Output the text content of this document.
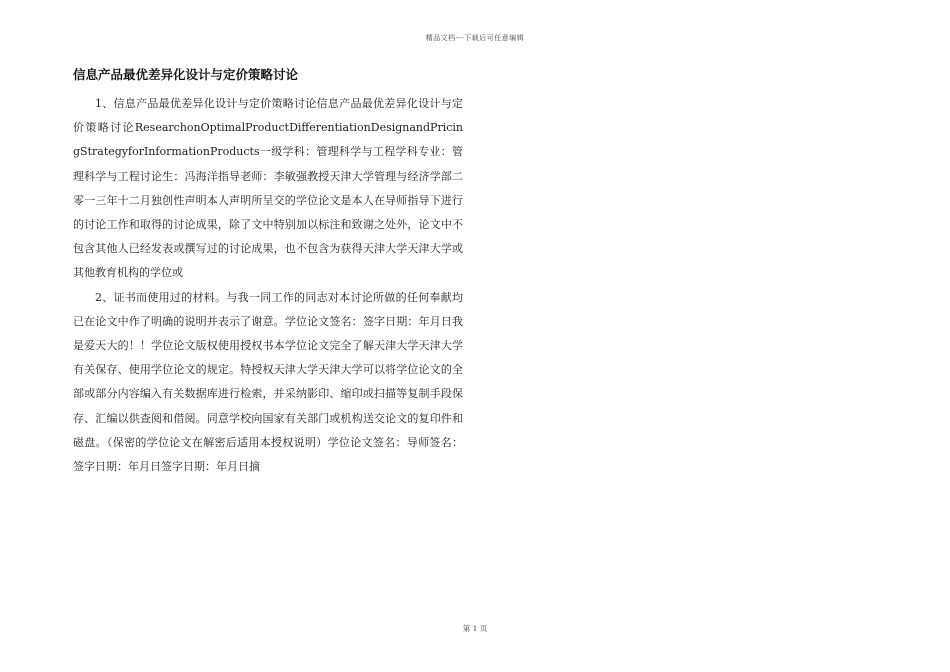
精品文档---下载后可任意编辑
信息产品最优差异化设计与定价策略讨论

1、信息产品最优差异化设计与定价策略讨论信息产品最优差异化设计与定价策略讨论ResearchonOptimalProductDifferentiationDesignandPricingStrategyforInformationProducts一级学科：管理科学与工程学科专业：管理科学与工程讨论生：冯海洋指导老师：李敏强教授天津大学管理与经济学部二零一三年十二月独创性声明本人声明所呈交的学位论文是本人在导师指导下进行的讨论工作和取得的讨论成果，除了文中特别加以标注和致谢之处外，论文中不包含其他人已经发表或撰写过的讨论成果，也不包含为获得天津大学天津大学或其他教育机构的学位或

2、证书而使用过的材料。与我一同工作的同志对本讨论所做的任何奉献均已在论文中作了明确的说明并表示了谢意。学位论文签名：签字日期：年月日我是爱天大的！！学位论文版权使用授权书本学位论文完全了解天津大学天津大学有关保存、使用学位论文的规定。特授权天津大学天津大学可以将学位论文的全部或部分内容编入有关数据库进行检索，并采纳影印、缩印或扫描等复制手段保存、汇编以供查阅和借阅。同意学校向国家有关部门或机构送交论文的复印件和磁盘。（保密的学位论文在解密后适用本授权说明）学位论文签名：导师签名：签字日期：年月日签字日期：年月日摘

第 1 页
